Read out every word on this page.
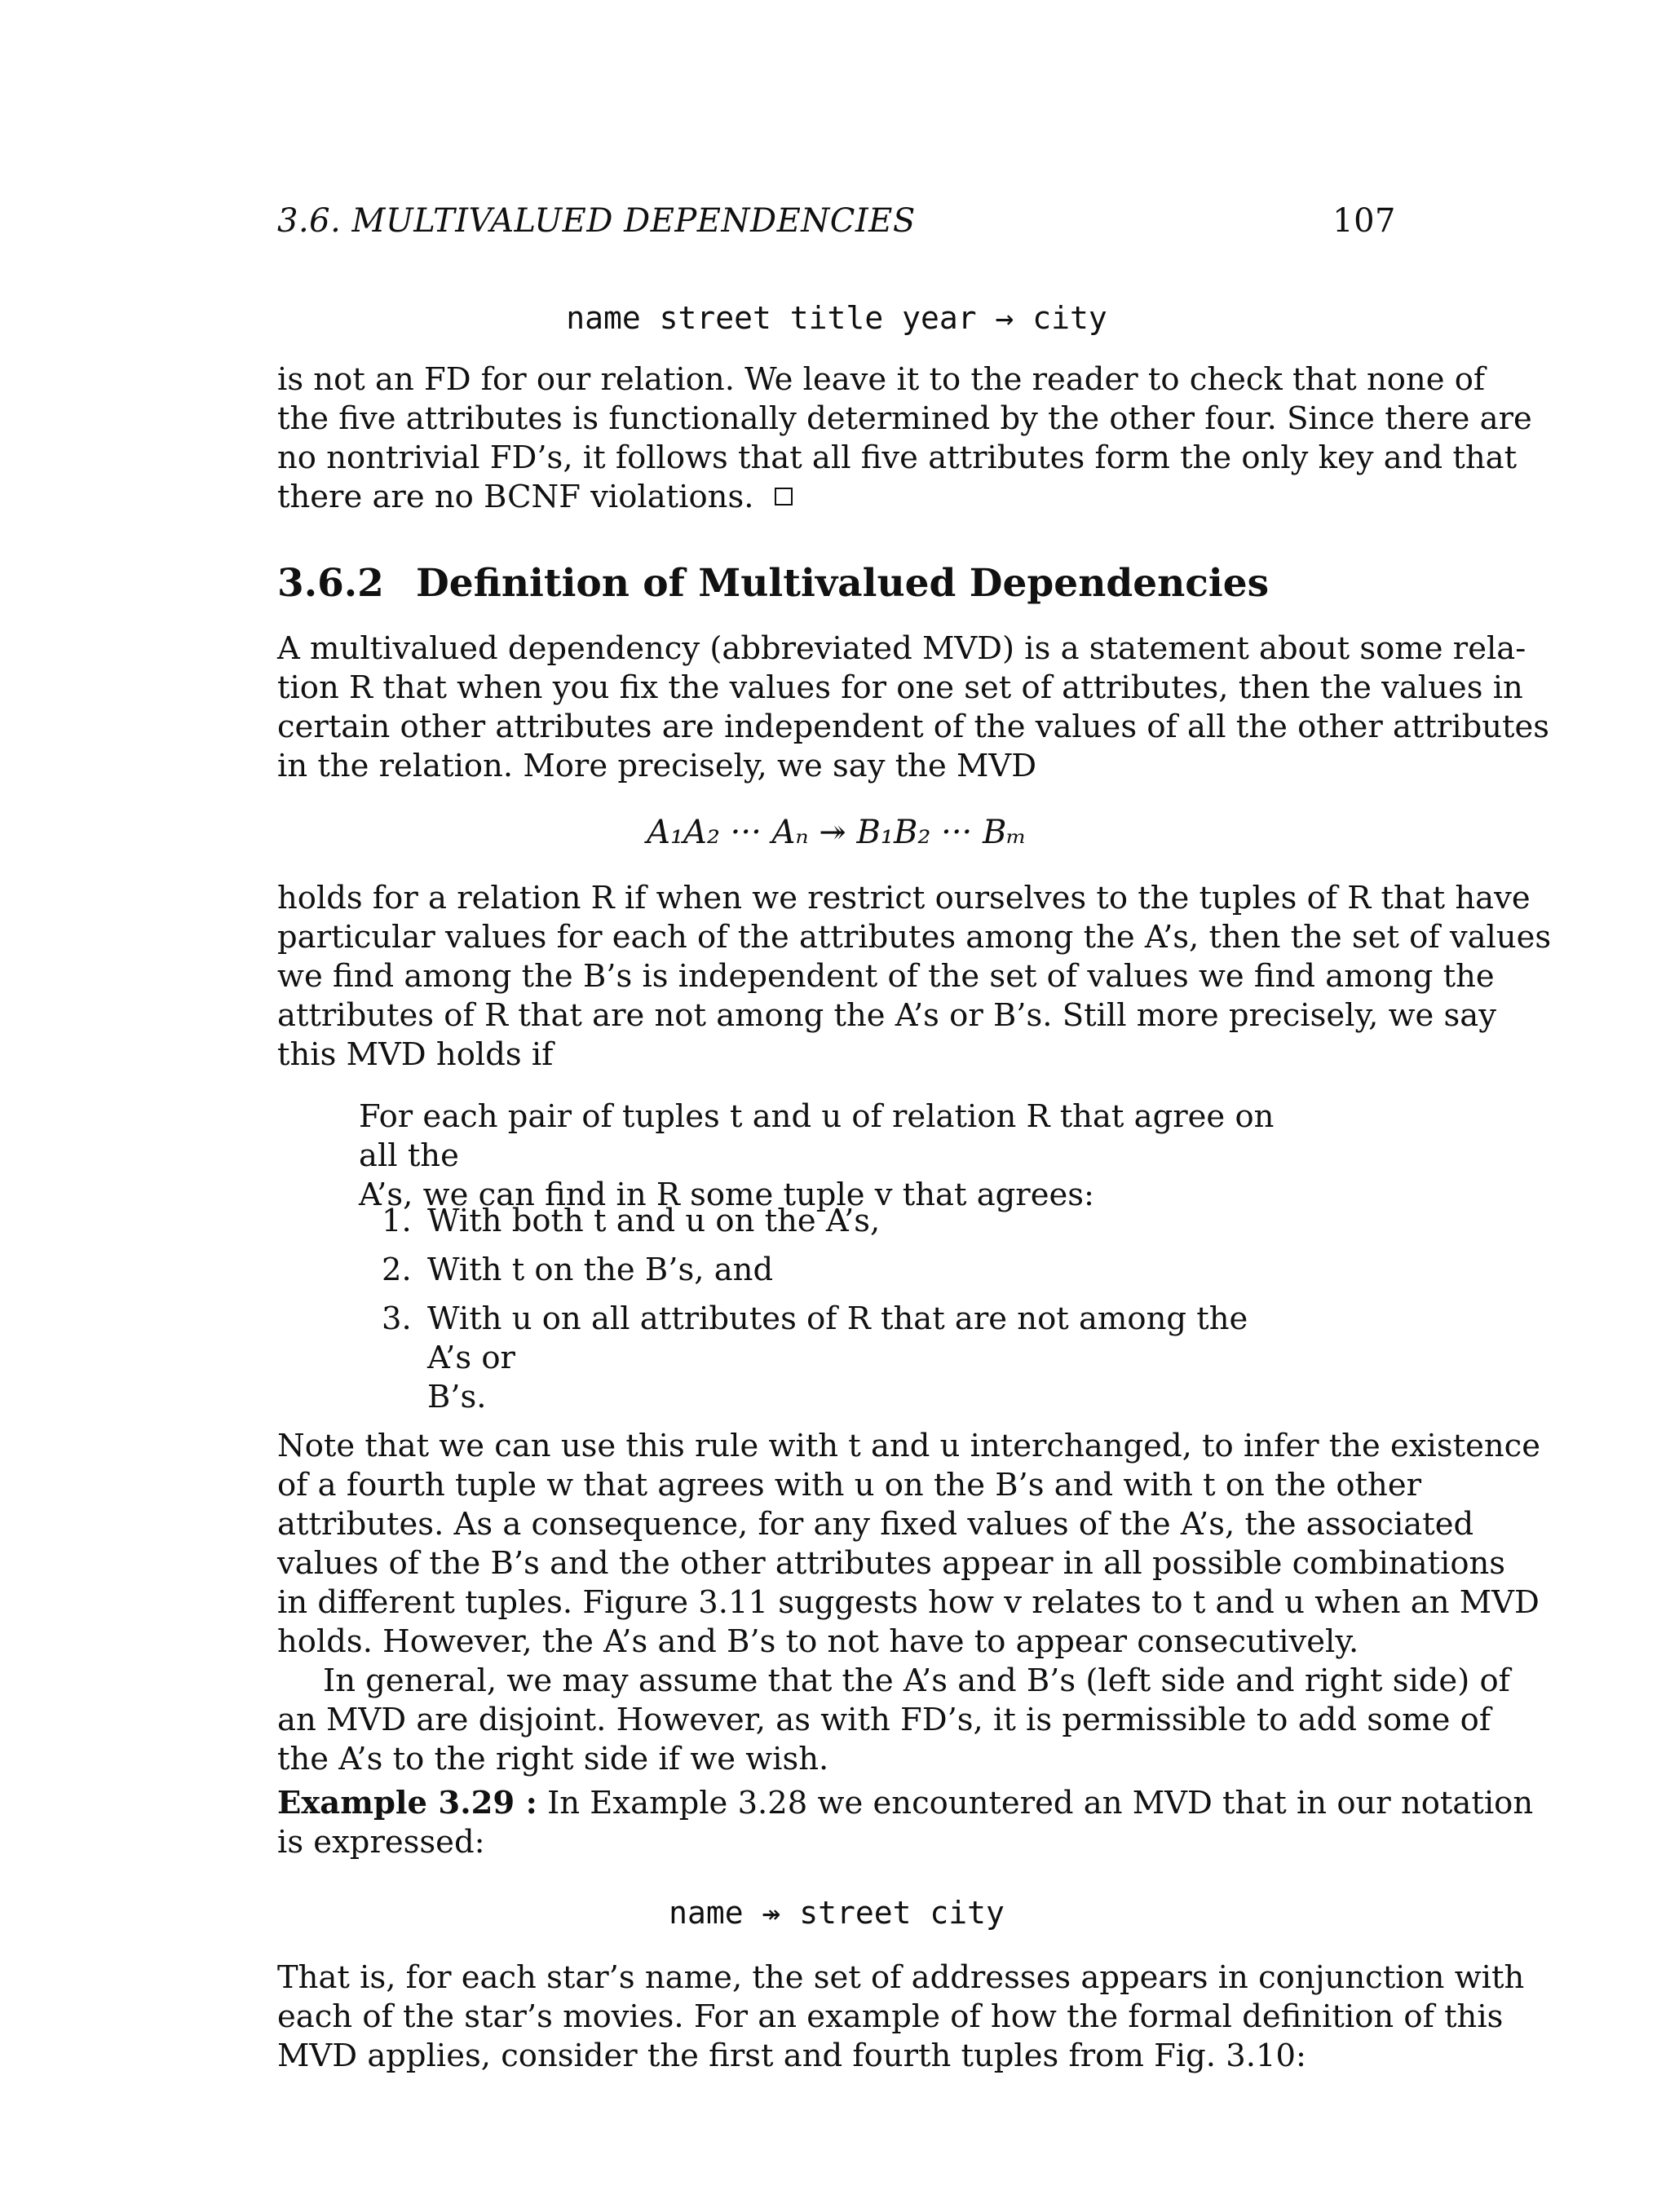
3.6. MULTIVALUED DEPENDENCIES	107
name street title year → city
is not an FD for our relation. We leave it to the reader to check that none of
the five attributes is functionally determined by the other four. Since there are
no nontrivial FD’s, it follows that all five attributes form the only key and that
there are no BCNF violations.
3.6.2 Definition of Multivalued Dependencies
A multivalued dependency (abbreviated MVD) is a statement about some rela-
tion R that when you fix the values for one set of attributes, then the values in
certain other attributes are independent of the values of all the other attributes
in the relation. More precisely, we say the MVD
A₁A₂ ··· Aₙ ↠ B₁B₂ ··· Bₘ
holds for a relation R if when we restrict ourselves to the tuples of R that have
particular values for each of the attributes among the A’s, then the set of values
we find among the B’s is independent of the set of values we find among the
attributes of R that are not among the A’s or B’s. Still more precisely, we say
this MVD holds if
For each pair of tuples t and u of relation R that agree on all the
A’s, we can find in R some tuple v that agrees:
1. With both t and u on the A’s,
2. With t on the B’s, and
3. With u on all attributes of R that are not among the A’s or
B’s.
Note that we can use this rule with t and u interchanged, to infer the existence
of a fourth tuple w that agrees with u on the B’s and with t on the other
attributes. As a consequence, for any fixed values of the A’s, the associated
values of the B’s and the other attributes appear in all possible combinations
in different tuples. Figure 3.11 suggests how v relates to t and u when an MVD
holds. However, the A’s and B’s to not have to appear consecutively.
In general, we may assume that the A’s and B’s (left side and right side) of
an MVD are disjoint. However, as with FD’s, it is permissible to add some of
the A’s to the right side if we wish.
Example 3.29 : In Example 3.28 we encountered an MVD that in our notation
is expressed:
name ↠ street city
That is, for each star’s name, the set of addresses appears in conjunction with
each of the star’s movies. For an example of how the formal definition of this
MVD applies, consider the first and fourth tuples from Fig. 3.10:
